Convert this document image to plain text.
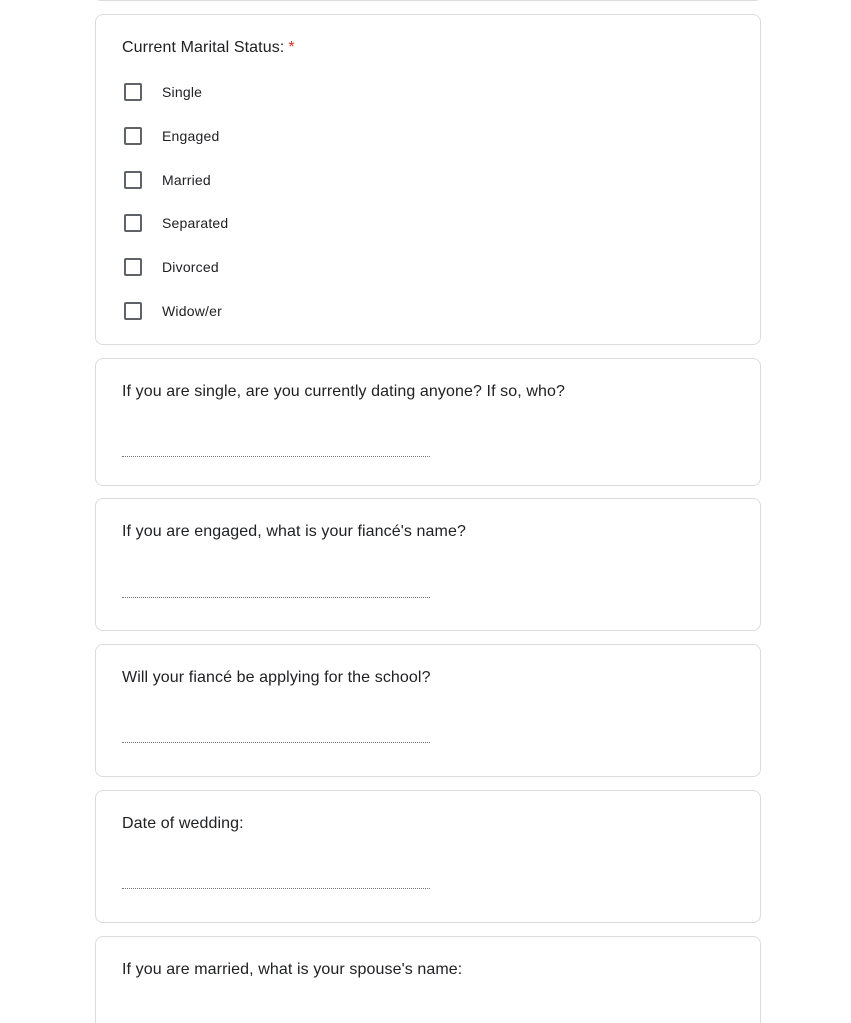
Current Marital Status: *
Single
Engaged
Married
Separated
Divorced
Widow/er
If you are single, are you currently dating anyone? If so, who?
If you are engaged, what is your fiancé's name?
Will your fiancé be applying for the school?
Date of wedding:
If you are married, what is your spouse's name:
